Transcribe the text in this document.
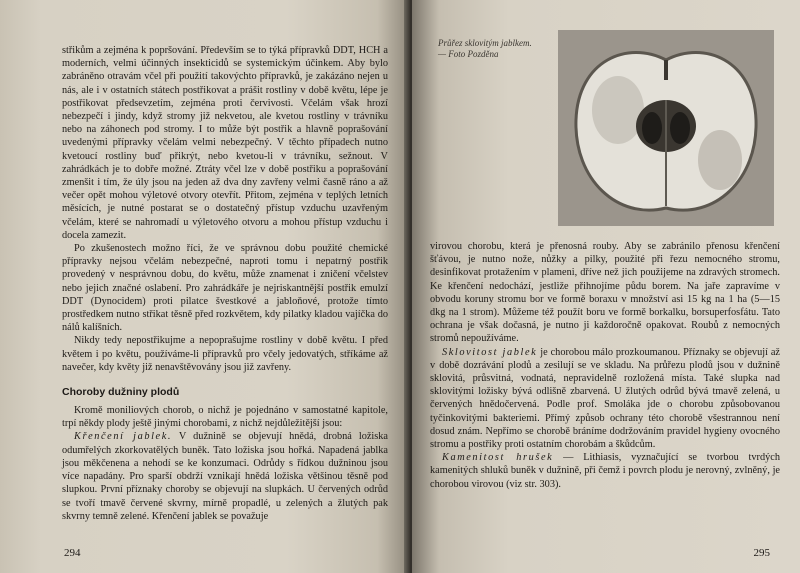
střikům a zejména k popršování. Především se to týká přípravků DDT, HCH a moderních, velmi účinných insekticidů se systemickým účinkem. Aby bylo zabráněno otravám včel při použití takovýchto přípravků, je zakázáno nejen u nás, ale i v ostatních státech postřikovat a prášit rostliny v době květu, lépe je postřikovat předsevzetím, zejména proti červivosti. Včelám však hrozí nebezpečí i jindy, když stromy již nekvetou, ale kvetou rostliny v trávníku nebo na záhonech pod stromy. I to může být postřik a hlavně poprašování uvedenými přípravky včelám velmi nebezpečný. V těchto případech nutno kvetoucí rostliny buď přikrýt, nebo kvetou-li v trávníku, sežnout. V zahrádkách je to dobře možné. Ztráty včel lze v době postřiku a poprašování zmenšit i tím, že úly jsou na jeden až dva dny zavřeny velmi časně ráno a až večer opět mohou výletové otvory otevřít. Přitom, zejména v teplých letních měsících, je nutné postarat se o dostatečný přístup vzduchu uzavřeným včelám, které se nahromadí u výletového otvoru a mohou přístup vzduchu i docela zamezit.

Po zkušenostech možno říci, že ve správnou dobu použité chemické přípravky nejsou včelám nebezpečné, naproti tomu i nepatrný postřik provedený v nesprávnou dobu, do květu, může znamenat i zničení včelstev nebo jejich značné oslabení. Pro zahrádkáře je nejriskantnější postřik emulzí DDT (Dynocidem) proti pilatce švestkové a jabloňové, protože tímto prostředkem nutno střikat těsně před rozkvětem, kdy pilatky kladou vajíčka do nálů kalíšních.

Nikdy tedy nepostřikujme a nepoprašujme rostliny v době květu. I před květem i po květu, používáme-li přípravků pro včely jedovatých, stříkáme až navečer, kdy květy již nenavštěvovány jsou již zavřeny.

Choroby dužniny plodů

Kromě moniliových chorob, o nichž je pojednáno v samostatné kapitole, trpí někdy plody ještě jinými chorobami, z nichž nejdůležitější jsou:

Křenčení jablek. V dužnině se objevují hnědá, drobná ložiska odumřelých zkorkovatělých buněk. Tato ložiska jsou hořká. Napadená jablka jsou měkčenena a nehodí se ke konzumaci. Odrůdy s řídkou dužninou jsou více napadány. Pro sparší obdrží vznikají hnědá ložiska většinou těsně pod slupkou. První příznaky choroby se objevují na slupkách. U červených odrůd se tvoří tmavě červené skvrny, mírně propadlé, u zelených a žlutých pak skvrny temně zelené. Křenčení jablek se považuje

294
Průřez sklovitým jablkem. — Foto Pozděna

virovou chorobu, která je přenosná rouby. Aby se zabránilo přenosu křenčení šťávou, je nutno nože, nůžky a pilky, použité při řezu nemocného stromu, desinfikovat protažením v plameni, dříve než jich použijeme na zdravých stromech. Ke křenčení nedochází, jestliže přihnojíme půdu borem. Na jaře zapravíme v obvodu koruny stromu bor ve formě boraxu v množství asi 15 kg na 1 ha (5—15 dkg na 1 strom). Můžeme též použít boru ve formě borkalku, borsuperfosfátu. Tato ochrana je však dočasná, je nutno ji každoročně opakovat. Roubů z nemocných stromů nepoužíváme.

Sklovitost jablek je chorobou málo prozkoumanou. Příznaky se objevují až v době dozrávání plodů a zesilují se ve skladu. Na průřezu plodů jsou v dužnině sklovitá, průsvitná, vodnatá, nepravidelně rozložená místa. Také slupka nad sklovitými ložisky bývá odlišně zbarvená. U žlutých odrůd bývá tmavě zelená, u červených hnědočervená. Podle prof. Smoláka jde o chorobu způsobovanou tyčinkovitými bakteriemi. Přímý způsob ochrany této chorobě všestrannou není dosud znám. Nepřímo se chorobě bráníme dodržováním pravidel hygieny ovocného stromu a postřiky proti ostatním chorobám a škůdcům.

Kamenitost hrušek — Lithiasis, vyznačující se tvorbou tvrdých kamenitých shluků buněk v dužnině, při čemž i povrch plodu je nerovný, zvlněný, je chorobou virovou (viz str. 303).

295
